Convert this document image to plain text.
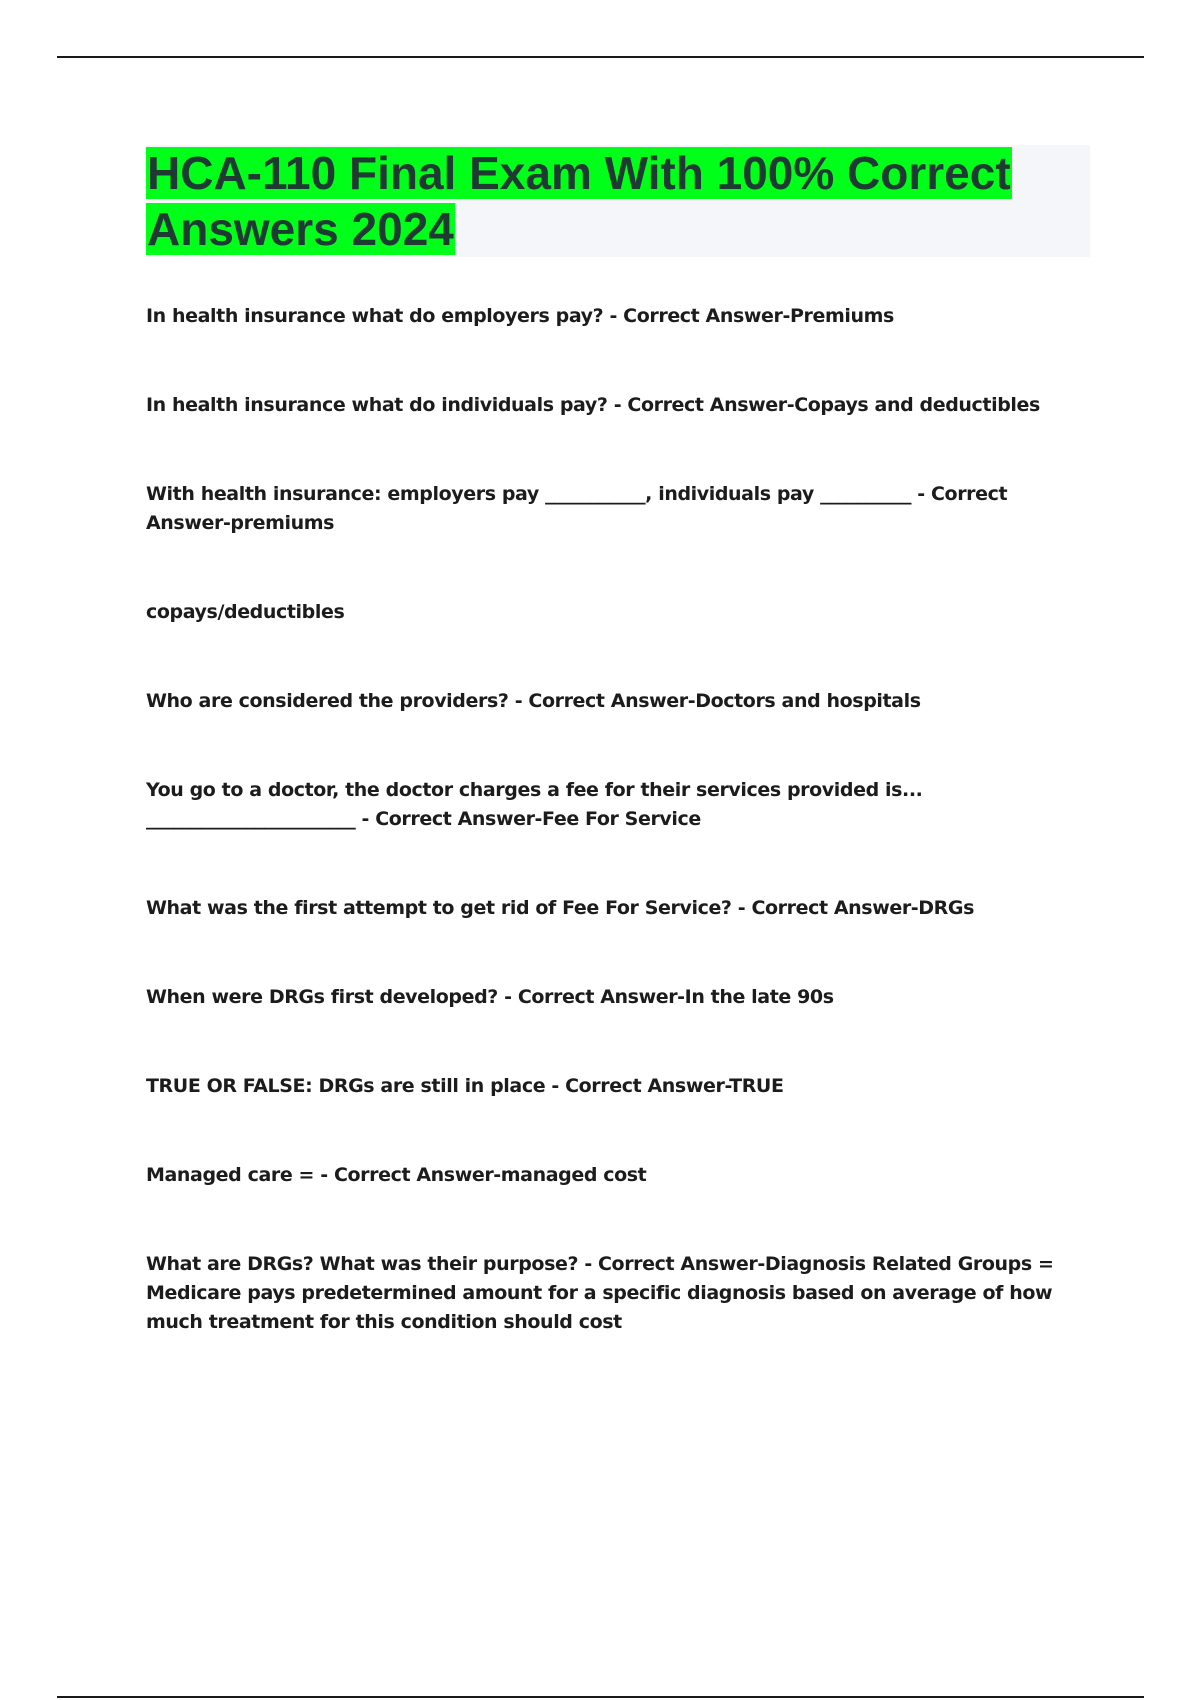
HCA-110 Final Exam With 100% Correct
Answers 2024

In health insurance what do employers pay? - Correct Answer-Premiums

In health insurance what do individuals pay? - Correct Answer-Copays and deductibles

With health insurance: employers pay ___________, individuals pay __________ - Correct Answer-premiums

copays/deductibles

Who are considered the providers? - Correct Answer-Doctors and hospitals

You go to a doctor, the doctor charges a fee for their services provided is... _______________________ - Correct Answer-Fee For Service

What was the first attempt to get rid of Fee For Service? - Correct Answer-DRGs

When were DRGs first developed? - Correct Answer-In the late 90s

TRUE OR FALSE: DRGs are still in place - Correct Answer-TRUE

Managed care = - Correct Answer-managed cost

What are DRGs? What was their purpose? - Correct Answer-Diagnosis Related Groups = Medicare pays predetermined amount for a specific diagnosis based on average of how much treatment for this condition should cost
